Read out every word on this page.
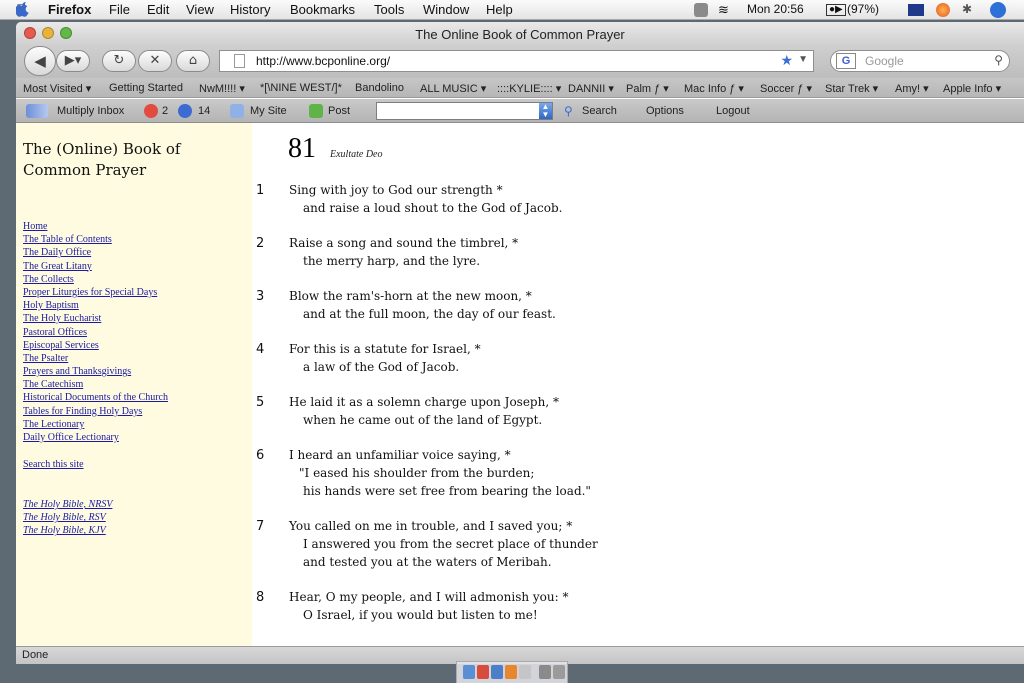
Firefox File Edit View History Bookmarks Tools Window Help	≋ Mon 20:56	●▶ (97%)	✱
The Online Book of Common Prayer
◀	▶▾	↻	✕	⌂	http://www.bcponline.org/	★ ▼	G	Google	⚲
Most Visited ▾ Getting Started NwM!!!! ▾ *[\NINE WEST/]* Bandolino ALL MUSIC ▾ ::::KYLIE:::: ▾ DANNII ▾ Palm ƒ ▾ Mac Info ƒ ▾ Soccer ƒ ▾ Star Trek ▾ Amy! ▾ Apple Info ▾
Multiply Inbox	2	14	My Site	Post	▲
▼ ⚲ Search	Options	Logout
The (Online) Book of
Common Prayer
Home
The Table of Contents
The Daily Office
The Great Litany
The Collects
Proper Liturgies for Special Days
Holy Baptism
The Holy Eucharist
Pastoral Offices
Episcopal Services
The Psalter
Prayers and Thanksgivings
The Catechism
Historical Documents of the Church
Tables for Finding Holy Days
The Lectionary
Daily Office Lectionary
Search this site
The Holy Bible, NRSV
The Holy Bible, RSV
The Holy Bible, KJV
81 Exultate Deo
1 Sing with joy to God our strength *
and raise a loud shout to the God of Jacob.
2 Raise a song and sound the timbrel, *
the merry harp, and the lyre.
3 Blow the ram's-horn at the new moon, *
and at the full moon, the day of our feast.
4 For this is a statute for Israel, *
a law of the God of Jacob.
5 He laid it as a solemn charge upon Joseph, *
when he came out of the land of Egypt.
6 I heard an unfamiliar voice saying, *
"I eased his shoulder from the burden;
his hands were set free from bearing the load."
7 You called on me in trouble, and I saved you; *
I answered you from the secret place of thunder
and tested you at the waters of Meribah.
8 Hear, O my people, and I will admonish you: *
O Israel, if you would but listen to me!
Done
